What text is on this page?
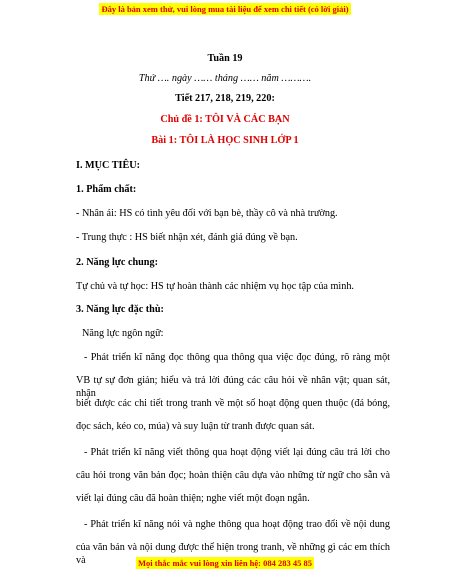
Đây là bản xem thử, vui lòng mua tài liệu để xem chi tiết (có lời giải)
Tuần 19
Thứ …. ngày …… tháng …… năm ……….
Tiết 217, 218, 219, 220:
Chủ đề 1: TÔI VÀ CÁC BẠN
Bài 1: TÔI LÀ HỌC SINH LỚP 1
I. MỤC TIÊU:
1. Phẩm chất:
- Nhân ái: HS có tình yêu đối với bạn bè, thầy cô và nhà trường.
- Trung thực : HS biết nhận xét, đánh giá đúng về bạn.
2. Năng lực chung:
Tự chủ và tự học: HS tự hoàn thành các nhiệm vụ học tập của mình.
3. Năng lực đặc thù:
Năng lực ngôn ngữ:
- Phát triển kĩ năng đọc thông qua thông qua việc đọc đúng, rõ ràng một
VB tự sự đơn giản; hiểu và trả lời đúng các câu hỏi về nhân vật; quan sát, nhận
biết được các chi tiết trong tranh về một số hoạt động quen thuộc (đá bóng,
đọc sách, kéo co, múa) và suy luận từ tranh được quan sát.
- Phát triển kĩ năng viết thông qua hoạt động viết lại đúng câu trả lời cho
câu hỏi trong văn bản đọc; hoàn thiện câu dựa vào những từ ngữ cho sẵn và
viết lại đúng câu đã hoàn thiện; nghe viết một đoạn ngắn.
- Phát triển kĩ năng nói và nghe thông qua hoạt động trao đổi về nội dung
của văn bản và nội dung được thể hiện trong tranh, về những gì các em thích và	Mọi thắc mắc vui lòng xin liên hệ: 084 283 45 85
